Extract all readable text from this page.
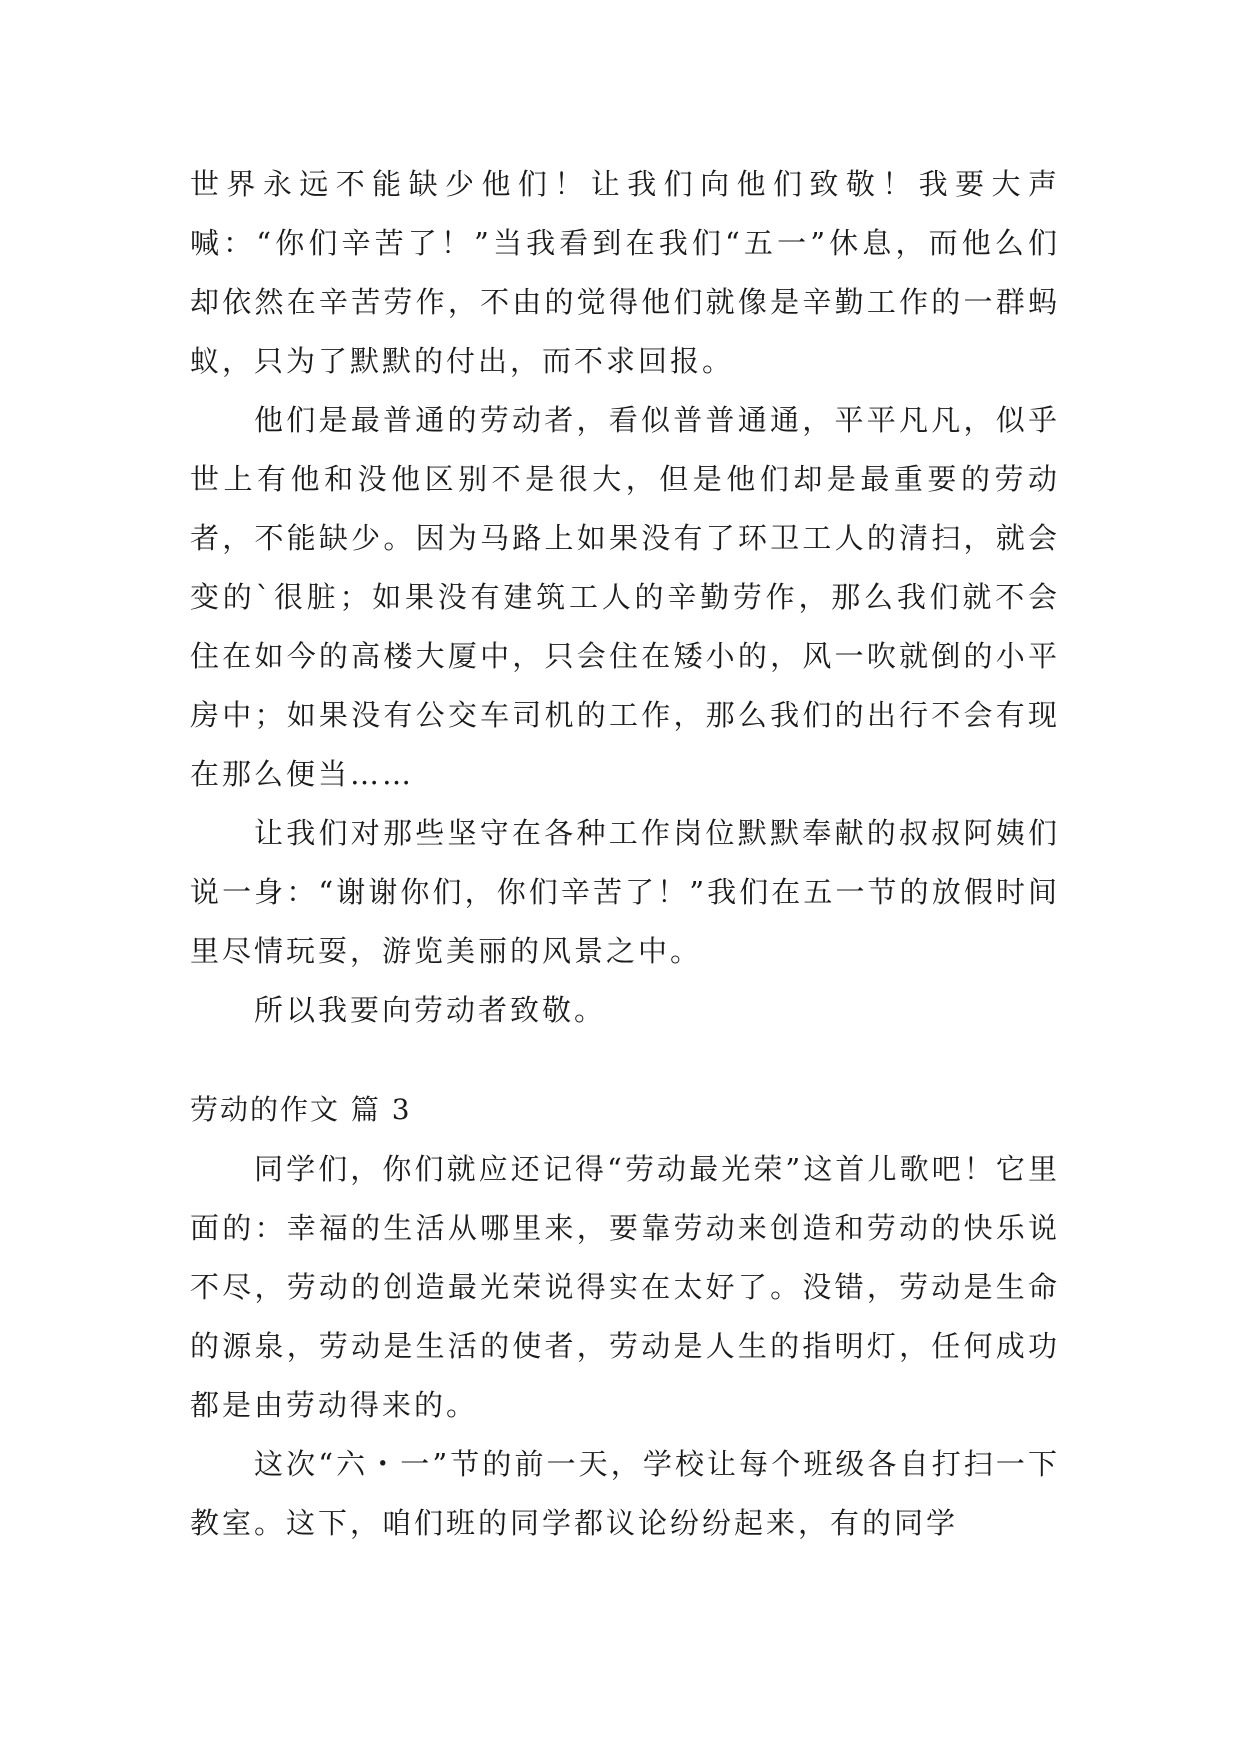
世界永远不能缺少他们！让我们向他们致敬！我要大声喊：“你们辛苦了！”当我看到在我们“五一”休息，而他么们却依然在辛苦劳作，不由的觉得他们就像是辛勤工作的一群蚂蚁，只为了默默的付出，而不求回报。

他们是最普通的劳动者，看似普普通通，平平凡凡，似乎世上有他和没他区别不是很大，但是他们却是最重要的劳动者，不能缺少。因为马路上如果没有了环卫工人的清扫，就会变的`很脏；如果没有建筑工人的辛勤劳作，那么我们就不会住在如今的高楼大厦中，只会住在矮小的，风一吹就倒的小平房中；如果没有公交车司机的工作，那么我们的出行不会有现在那么便当……

让我们对那些坚守在各种工作岗位默默奉献的叔叔阿姨们说一身：“谢谢你们，你们辛苦了！”我们在五一节的放假时间里尽情玩耍，游览美丽的风景之中。

所以我要向劳动者致敬。

劳动的作文 篇 3

同学们，你们就应还记得“劳动最光荣”这首儿歌吧！它里面的：幸福的生活从哪里来，要靠劳动来创造和劳动的快乐说不尽，劳动的创造最光荣说得实在太好了。没错，劳动是生命的源泉，劳动是生活的使者，劳动是人生的指明灯，任何成功都是由劳动得来的。

这次“六・一”节的前一天，学校让每个班级各自打扫一下教室。这下，咱们班的同学都议论纷纷起来，有的同学
